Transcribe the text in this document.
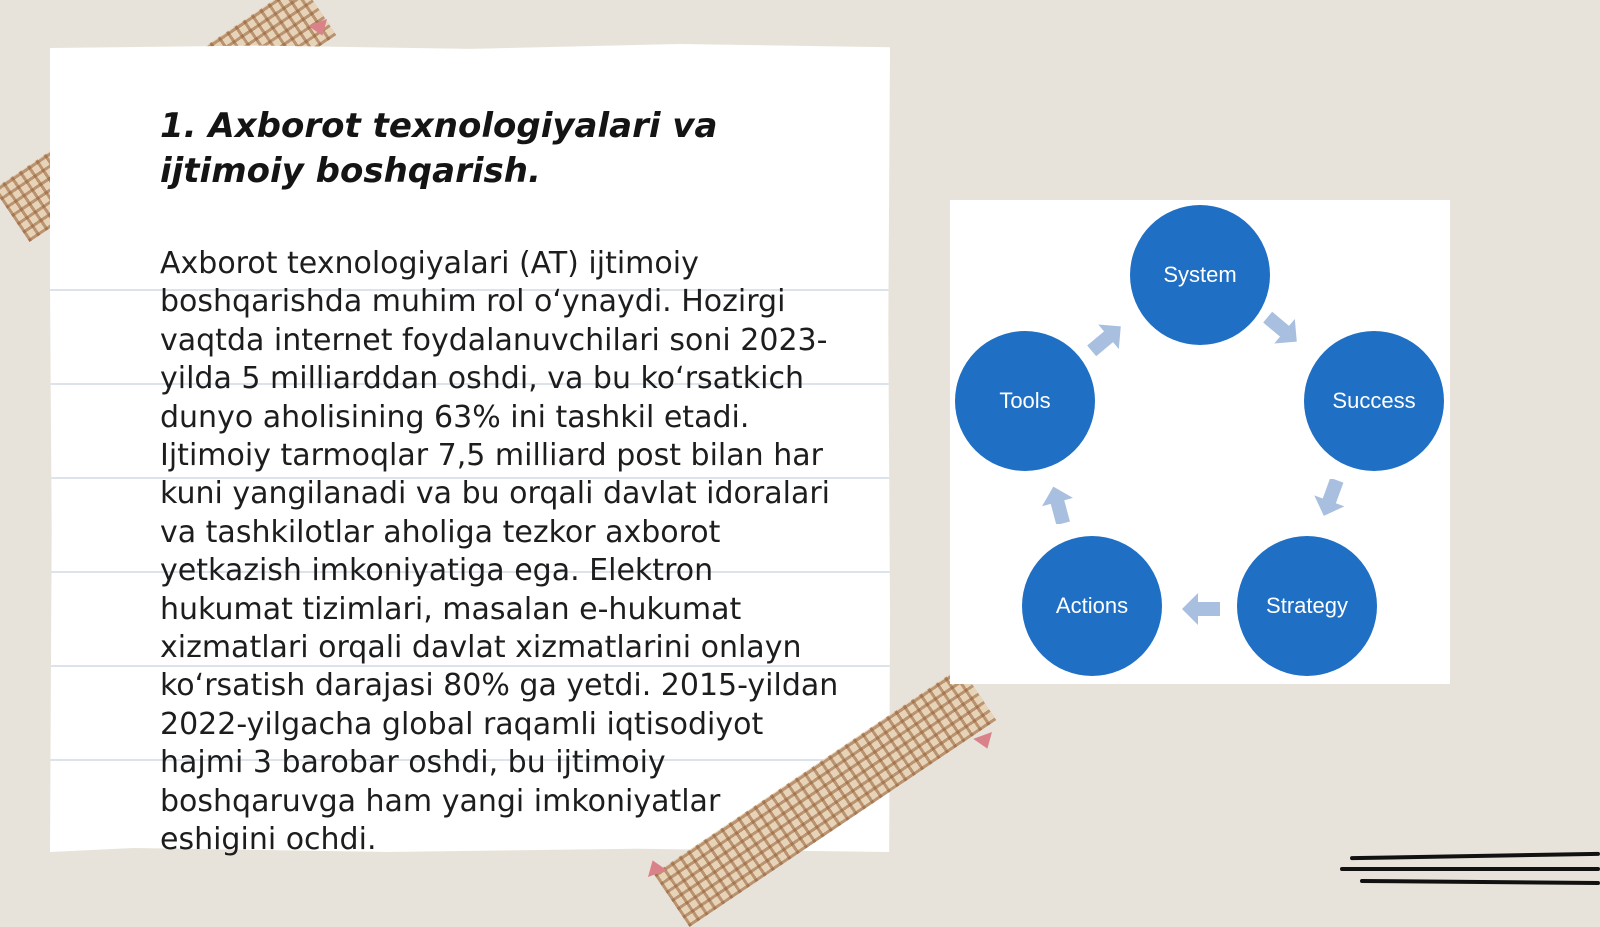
1. Axborot texnologiyalari va ijtimoiy boshqarish.

Axborot texnologiyalari (AT) ijtimoiy boshqarishda muhim rol o‘ynaydi. Hozirgi vaqtda internet foydalanuvchilari soni 2023-yilda 5 milliarddan oshdi, va bu ko‘rsatkich dunyo aholisining 63% ini tashkil etadi. Ijtimoiy tarmoqlar 7,5 milliard post bilan har kuni yangilanadi va bu orqali davlat idoralari va tashkilotlar aholiga tezkor axborot yetkazish imkoniyatiga ega. Elektron hukumat tizimlari, masalan e-hukumat xizmatlari orqali davlat xizmatlarini onlayn ko‘rsatish darajasi 80% ga yetdi. 2015-yildan 2022-yilgacha global raqamli iqtisodiyot hajmi 3 barobar oshdi, bu ijtimoiy boshqaruvga ham yangi imkoniyatlar eshigini ochdi.

System
Success
Strategy
Actions
Tools
